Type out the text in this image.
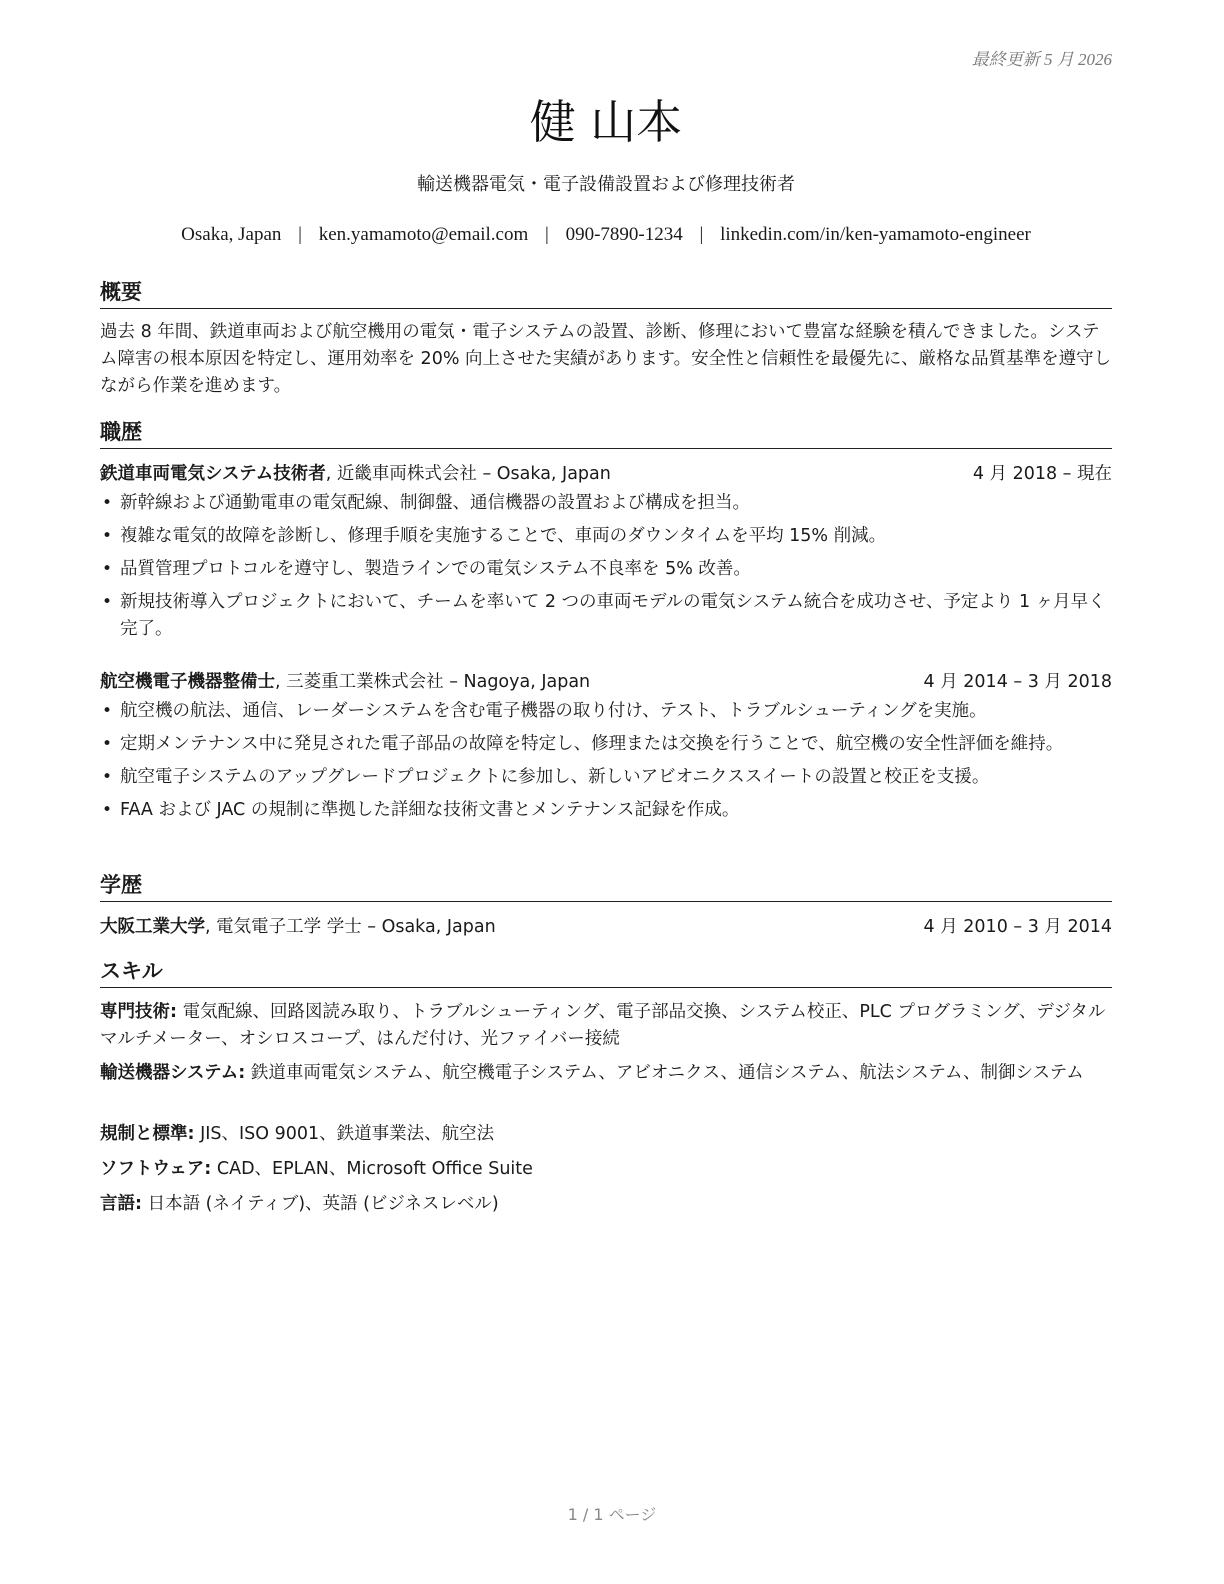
最終更新 5 月 2026
健 山本
輸送機器電気・電子設備設置および修理技術者
Osaka, Japan | ken.yamamoto@email.com | 090-7890-1234 | linkedin.com/in/ken-yamamoto-engineer
概要
過去 8 年間、鉄道車両および航空機用の電気・電子システムの設置、診断、修理において豊富な経験を積んできました。システム障害の根本原因を特定し、運用効率を 20% 向上させた実績があります。安全性と信頼性を最優先に、厳格な品質基準を遵守しながら作業を進めます。
職歴
鉄道車両電気システム技術者, 近畿車両株式会社 – Osaka, Japan	4 月 2018 – 現在
• 新幹線および通勤電車の電気配線、制御盤、通信機器の設置および構成を担当。
• 複雑な電気的故障を診断し、修理手順を実施することで、車両のダウンタイムを平均 15% 削減。
• 品質管理プロトコルを遵守し、製造ラインでの電気システム不良率を 5% 改善。
• 新規技術導入プロジェクトにおいて、チームを率いて 2 つの車両モデルの電気システム統合を成功させ、予定より 1 ヶ月早く完了。
航空機電子機器整備士, 三菱重工業株式会社 – Nagoya, Japan	4 月 2014 – 3 月 2018
• 航空機の航法、通信、レーダーシステムを含む電子機器の取り付け、テスト、トラブルシューティングを実施。
• 定期メンテナンス中に発見された電子部品の故障を特定し、修理または交換を行うことで、航空機の安全性評価を維持。
• 航空電子システムのアップグレードプロジェクトに参加し、新しいアビオニクススイートの設置と校正を支援。
• FAA および JAC の規制に準拠した詳細な技術文書とメンテナンス記録を作成。
学歴
大阪工業大学, 電気電子工学 学士 – Osaka, Japan	4 月 2010 – 3 月 2014
スキル
専門技術: 電気配線、回路図読み取り、トラブルシューティング、電子部品交換、システム校正、PLC プログラミング、デジタルマルチメーター、オシロスコープ、はんだ付け、光ファイバー接続
輸送機器システム: 鉄道車両電気システム、航空機電子システム、アビオニクス、通信システム、航法システム、制御システム
規制と標準: JIS、ISO 9001、鉄道事業法、航空法
ソフトウェア: CAD、EPLAN、Microsoft Office Suite
言語: 日本語 (ネイティブ)、英語 (ビジネスレベル)
1 / 1 ページ
